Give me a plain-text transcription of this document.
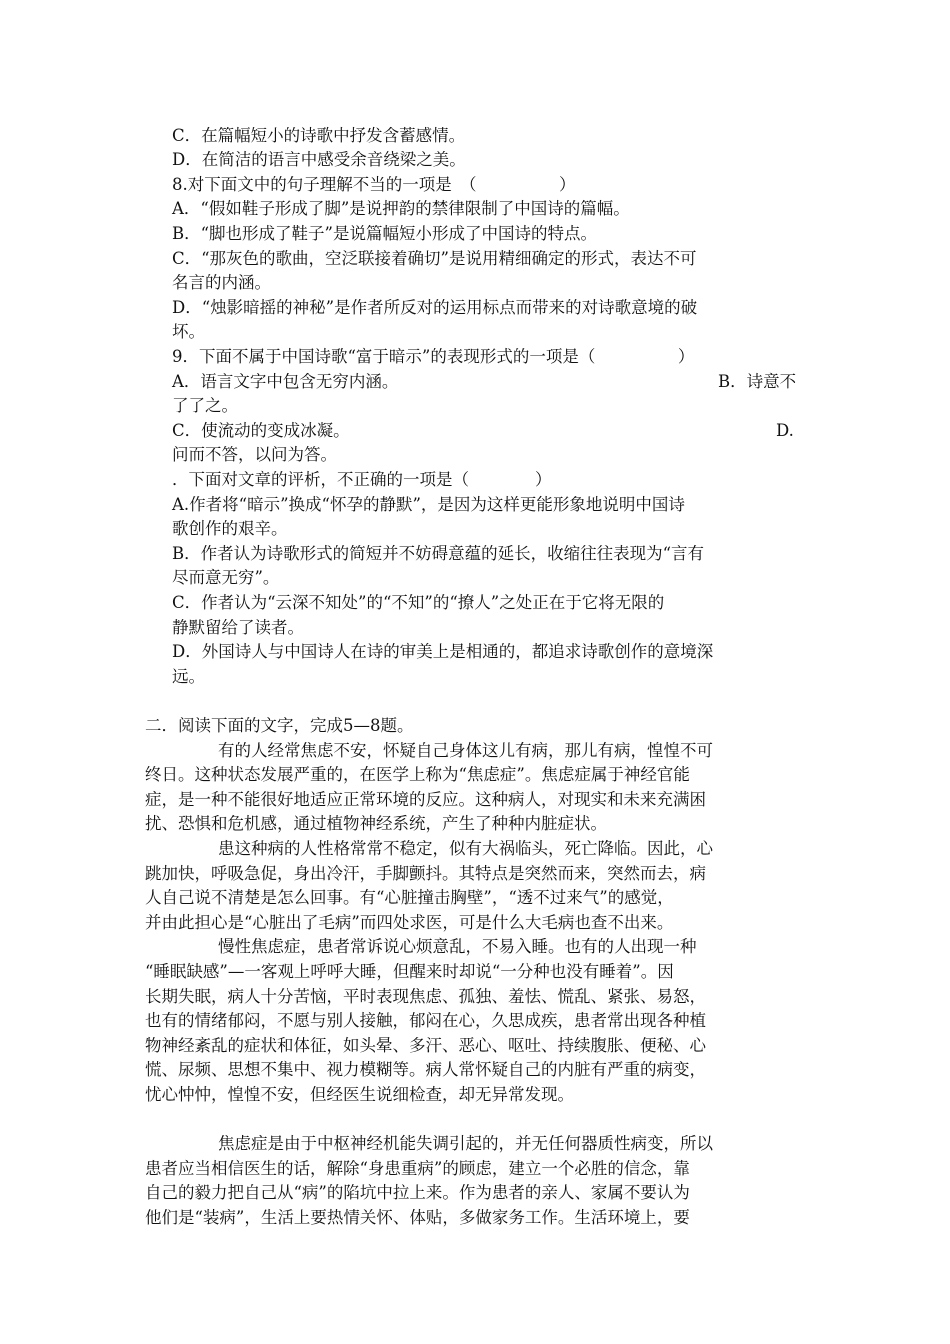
C．在篇幅短小的诗歌中抒发含蓄感情。
D．在简洁的语言中感受余音绕梁之美。
8.对下面文中的句子理解不当的一项是　（　　　　　）
A．“假如鞋子形成了脚”是说押韵的禁律限制了中国诗的篇幅。
B．“脚也形成了鞋子”是说篇幅短小形成了中国诗的特点。
C．“那灰色的歌曲，空泛联接着确切”是说用精细确定的形式，表达不可
名言的内涵。
D．“烛影暗摇的神秘”是作者所反对的运用标点而带来的对诗歌意境的破
坏。
9．下面不属于中国诗歌“富于暗示”的表现形式的一项是（　　　　　）
A．语言文字中包含无穷内涵。	B．诗意不
了了之。
C．使流动的变成冰凝。	D.
问而不答，以问为答。
．下面对文章的评析，不正确的一项是（　　　　）
A.作者将“暗示”换成“怀孕的静默”，是因为这样更能形象地说明中国诗
歌创作的艰辛。
B．作者认为诗歌形式的简短并不妨碍意蕴的延长，收缩往往表现为“言有
尽而意无穷”。
C．作者认为“云深不知处”的“不知”的“撩人”之处正在于它将无限的
静默留给了读者。
D．外国诗人与中国诗人在诗的审美上是相通的，都追求诗歌创作的意境深
远。
二．阅读下面的文字，完成5—8题。
有的人经常焦虑不安，怀疑自己身体这儿有病，那儿有病，惶惶不可
终日。这种状态发展严重的，在医学上称为“焦虑症”。焦虑症属于神经官能
症，是一种不能很好地适应正常环境的反应。这种病人，对现实和未来充满困
扰、恐惧和危机感，通过植物神经系统，产生了种种内脏症状。
患这种病的人性格常常不稳定，似有大祸临头，死亡降临。因此，心
跳加快，呼吸急促，身出冷汗，手脚颤抖。其特点是突然而来，突然而去，病
人自己说不清楚是怎么回事。有“心脏撞击胸壁”，“透不过来气”的感觉，
并由此担心是“心脏出了毛病”而四处求医，可是什么大毛病也查不出来。
慢性焦虑症，患者常诉说心烦意乱，不易入睡。也有的人出现一种
“睡眠缺感”—一客观上呼呼大睡，但醒来时却说“一分种也没有睡着”。因
长期失眠，病人十分苦恼，平时表现焦虑、孤独、羞怯、慌乱、紧张、易怒，
也有的情绪郁闷，不愿与别人接触，郁闷在心，久思成疾，患者常出现各种植
物神经紊乱的症状和体征，如头晕、多汗、恶心、呕吐、持续腹胀、便秘、心
慌、尿频、思想不集中、视力模糊等。病人常怀疑自己的内脏有严重的病变，
忧心忡忡，惶惶不安，但经医生说细检查，却无异常发现。
焦虑症是由于中枢神经机能失调引起的，并无任何器质性病变，所以
患者应当相信医生的话，解除“身患重病”的顾虑，建立一个必胜的信念，靠
自己的毅力把自己从“病”的陷坑中拉上来。作为患者的亲人、家属不要认为
他们是“装病”，生活上要热情关怀、体贴，多做家务工作。生活环境上，要
